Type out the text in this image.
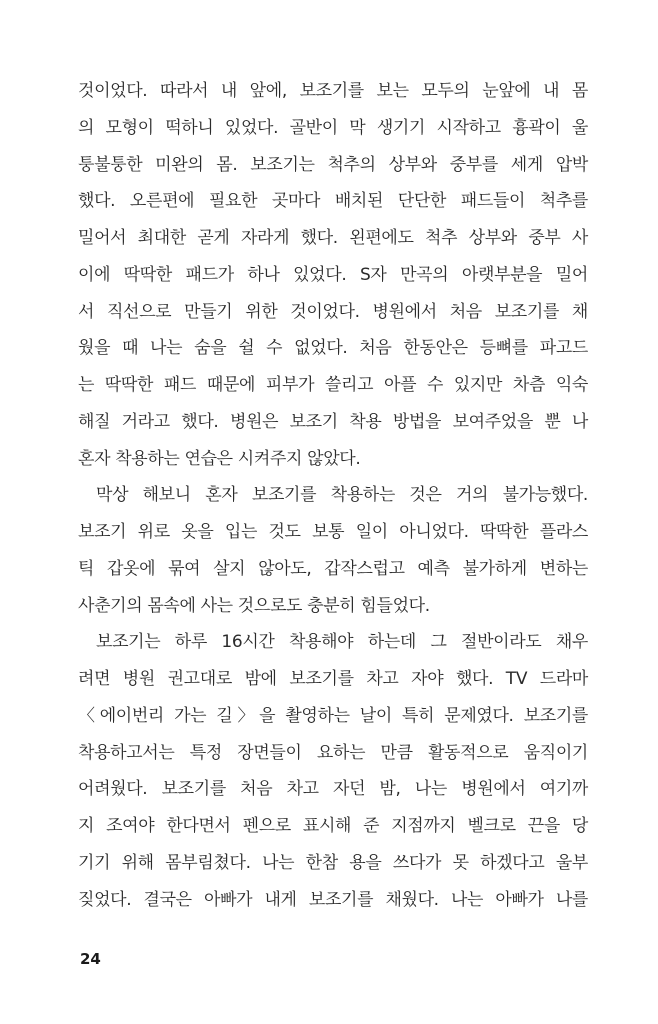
것이었다. 따라서 내 앞에, 보조기를 보는 모두의 눈앞에 내 몸
의 모형이 떡하니 있었다. 골반이 막 생기기 시작하고 흉곽이 울
퉁불퉁한 미완의 몸. 보조기는 척추의 상부와 중부를 세게 압박
했다. 오른편에 필요한 곳마다 배치된 단단한 패드들이 척추를
밀어서 최대한 곧게 자라게 했다. 왼편에도 척추 상부와 중부 사
이에 딱딱한 패드가 하나 있었다. S자 만곡의 아랫부분을 밀어
서 직선으로 만들기 위한 것이었다. 병원에서 처음 보조기를 채
웠을 때 나는 숨을 쉴 수 없었다. 처음 한동안은 등뼈를 파고드
는 딱딱한 패드 때문에 피부가 쓸리고 아플 수 있지만 차츰 익숙
해질 거라고 했다. 병원은 보조기 착용 방법을 보여주었을 뿐 나
혼자 착용하는 연습은 시켜주지 않았다.
막상 해보니 혼자 보조기를 착용하는 것은 거의 불가능했다.
보조기 위로 옷을 입는 것도 보통 일이 아니었다. 딱딱한 플라스
틱 갑옷에 묶여 살지 않아도, 갑작스럽고 예측 불가하게 변하는
사춘기의 몸속에 사는 것으로도 충분히 힘들었다.
보조기는 하루 16시간 착용해야 하는데 그 절반이라도 채우
려면 병원 권고대로 밤에 보조기를 차고 자야 했다. TV 드라마
〈에이번리 가는 길〉을 촬영하는 날이 특히 문제였다. 보조기를
착용하고서는 특정 장면들이 요하는 만큼 활동적으로 움직이기
어려웠다. 보조기를 처음 차고 자던 밤, 나는 병원에서 여기까
지 조여야 한다면서 펜으로 표시해 준 지점까지 벨크로 끈을 당
기기 위해 몸부림쳤다. 나는 한참 용을 쓰다가 못 하겠다고 울부
짖었다. 결국은 아빠가 내게 보조기를 채웠다. 나는 아빠가 나를
24
